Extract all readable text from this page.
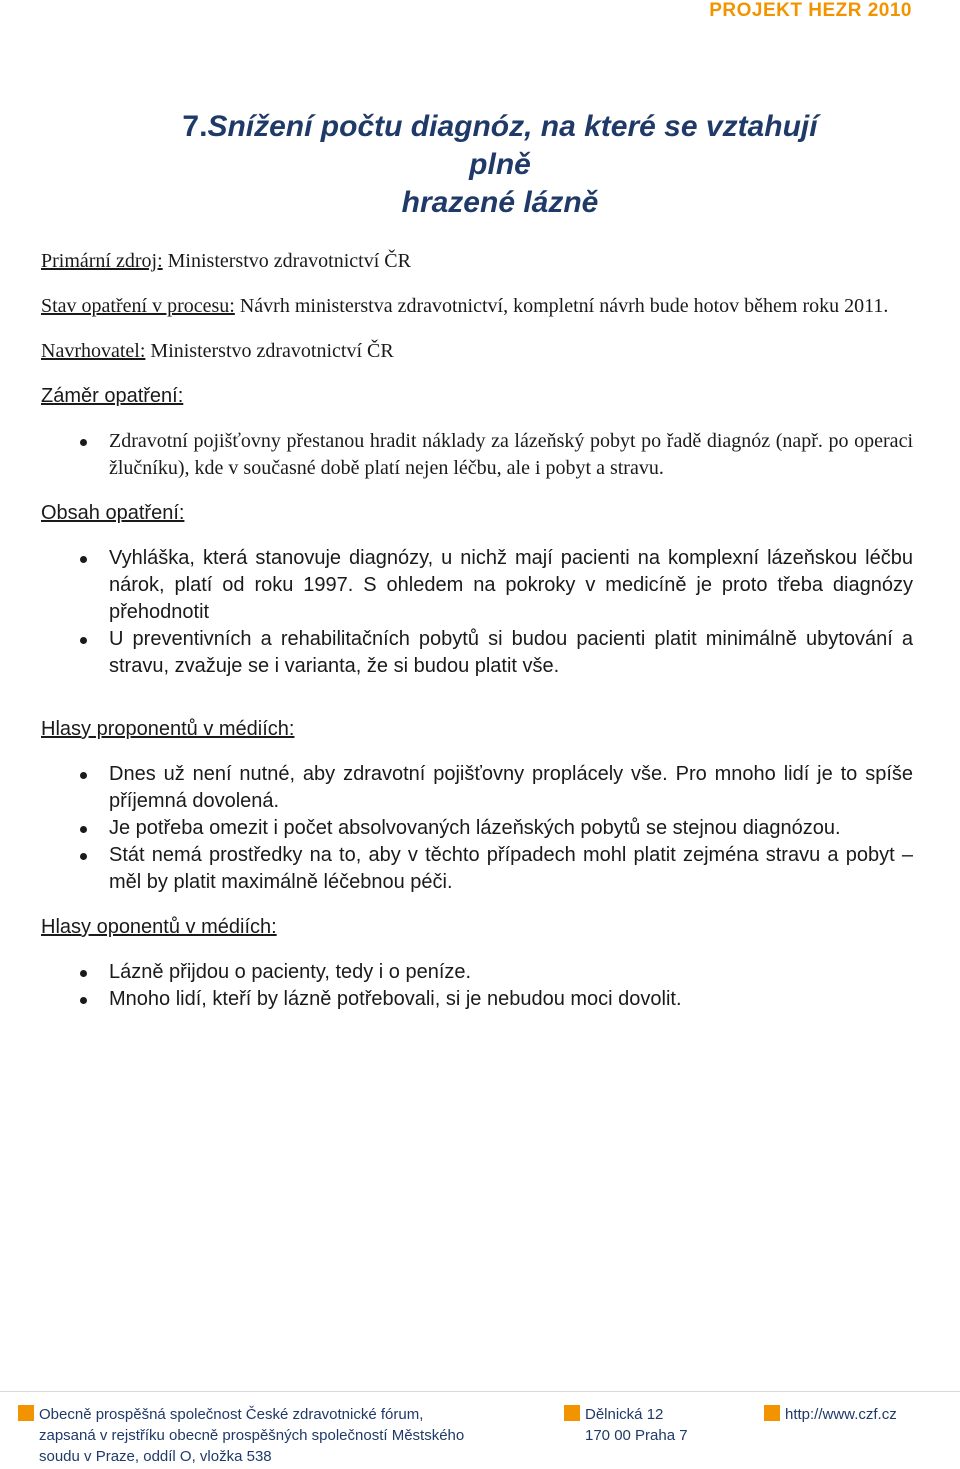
PROJEKT HEZR 2010
7.Snížení počtu diagnóz, na které se vztahují plně
hrazené lázně
Primární zdroj: Ministerstvo zdravotnictví ČR
Stav opatření v procesu: Návrh ministerstva zdravotnictví, kompletní návrh bude hotov během roku 2011.
Navrhovatel: Ministerstvo zdravotnictví ČR
Záměr opatření:
Zdravotní pojišťovny přestanou hradit náklady za lázeňský pobyt po řadě diagnóz (např. po operaci žlučníku), kde v současné době platí nejen léčbu, ale i pobyt a stravu.
Obsah opatření:
Vyhláška, která stanovuje diagnózy, u nichž mají pacienti na komplexní lázeňskou léčbu nárok, platí od roku 1997. S ohledem na pokroky v medicíně je proto třeba diagnózy přehodnotit
U preventivních a rehabilitačních pobytů si budou pacienti platit minimálně ubytování a stravu, zvažuje se i varianta, že si budou platit vše.
Hlasy proponentů v médiích:
Dnes už není nutné, aby zdravotní pojišťovny proplácely vše. Pro mnoho lidí je to spíše příjemná dovolená.
Je potřeba omezit i počet absolvovaných lázeňských pobytů se stejnou diagnózou.
Stát nemá prostředky na to, aby v těchto případech mohl platit zejména stravu a pobyt – měl by platit maximálně léčebnou péči.
Hlasy oponentů v médiích:
Lázně přijdou o pacienty, tedy i o peníze.
Mnoho lidí, kteří by lázně potřebovali, si je nebudou moci dovolit.
Obecně prospěšná společnost České zdravotnické fórum,
zapsaná v rejstříku obecně prospěšných společností Městského
soudu v Praze, oddíl O, vložka 538
Dělnická 12
170 00 Praha 7
http://www.czf.cz
